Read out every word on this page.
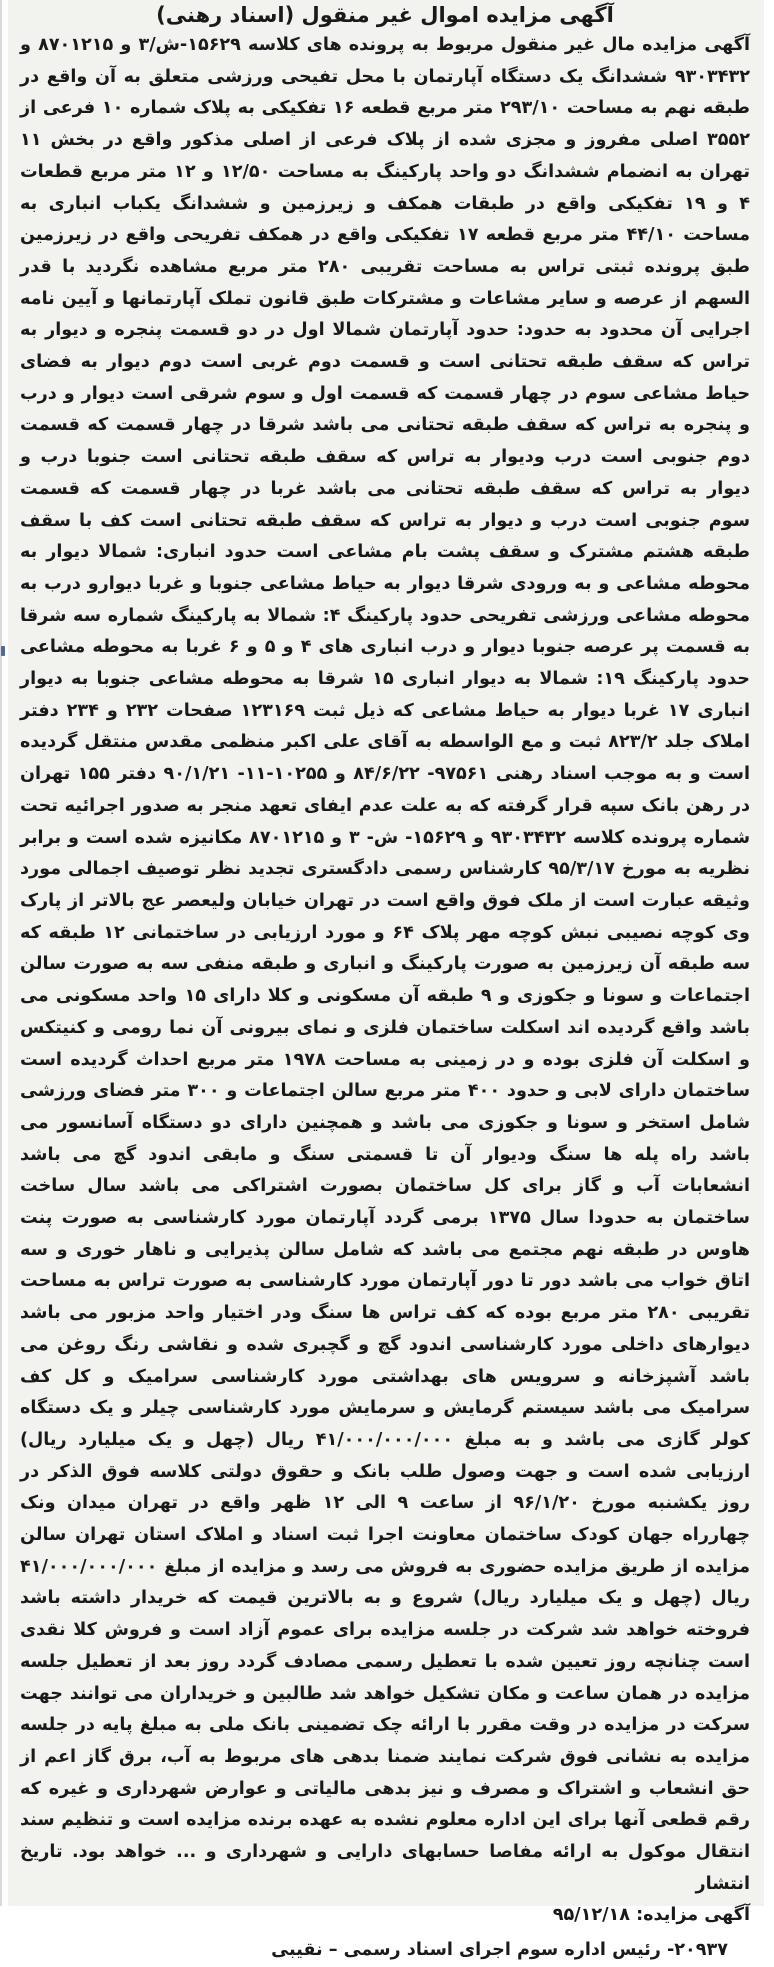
آگهی مزایده اموال غیر منقول (اسناد رهنی)

آگهی مزایده مال غیر منقول مربوط به پرونده های کلاسه ۱۵۶۲۹-ش/۳ و ۸۷۰۱۲۱۵ و ۹۳۰۳۴۳۲ ششدانگ یک دستگاه آپارتمان با محل تفیحی ورزشی متعلق به آن واقع در طبقه نهم به مساحت ۲۹۳/۱۰ متر مربع قطعه ۱۶ تفکیکی به پلاک شماره ۱۰ فرعی از ۳۵۵۲ اصلی مفروز و مجزی شده از پلاک فرعی از اصلی مذکور واقع در بخش ۱۱ تهران به انضمام ششدانگ دو واحد پارکینگ به مساحت ۱۲/۵۰ و ۱۲ متر مربع قطعات ۴ و ۱۹ تفکیکی واقع در طبقات همکف و زیرزمین و ششدانگ یکباب انباری به مساحت ۴۴/۱۰ متر مربع قطعه ۱۷ تفکیکی واقع در همکف تفریحی واقع در زیرزمین طبق پرونده ثبتی تراس به مساحت تقریبی ۲۸۰ متر مربع مشاهده نگردید با قدر السهم از عرصه و سایر مشاعات و مشترکات طبق قانون تملک آپارتمانها و آیین نامه اجرایی آن محدود به حدود: حدود آپارتمان شمالا اول در دو قسمت پنجره و دیوار به تراس که سقف طبقه تحتانی است و قسمت دوم غربی است دوم دیوار به فضای حیاط مشاعی سوم در چهار قسمت که قسمت اول و سوم شرقی است دیوار و درب و پنجره به تراس که سقف طبقه تحتانی می باشد شرقا در چهار قسمت که قسمت دوم جنوبی است درب ودیوار به تراس که سقف طبقه تحتانی است جنوبا درب و دیوار به تراس که سقف طبقه تحتانی می باشد غربا در چهار قسمت که قسمت سوم جنوبی است درب و دیوار به تراس که سقف طبقه تحتانی است کف با سقف طبقه هشتم مشترک و سقف پشت بام مشاعی است حدود انباری: شمالا دیوار به محوطه مشاعی و به ورودی شرقا دیوار به حیاط مشاعی جنوبا و غربا دیوارو درب به محوطه مشاعی ورزشی تفریحی حدود پارکینگ ۴: شمالا به پارکینگ شماره سه شرقا به قسمت پر عرصه جنوبا دیوار و درب انباری های ۴ و ۵ و ۶ غربا به محوطه مشاعی حدود پارکینگ ۱۹: شمالا به دیوار انباری ۱۵ شرقا به محوطه مشاعی جنوبا به دیوار انباری ۱۷ غربا دیوار به حیاط مشاعی که ذیل ثبت ۱۲۳۱۶۹ صفحات ۲۳۲ و ۲۳۴ دفتر املاک جلد ۸۲۳/۲ ثبت و مع الواسطه به آقای علی اکبر منظمی مقدس منتقل گردیده است و به موجب اسناد رهنی ۹۷۵۶۱- ۸۴/۶/۲۲ و ۱۰۲۵۵-۱۱- ۹۰/۱/۲۱ دفتر ۱۵۵ تهران در رهن بانک سپه قرار گرفته که به علت عدم ایفای تعهد منجر به صدور اجرائیه تحت شماره پرونده کلاسه ۹۳۰۳۴۳۲ و ۱۵۶۲۹- ش- ۳ و ۸۷۰۱۲۱۵ مکانیزه شده است و برابر نظریه به مورخ ۹۵/۳/۱۷ کارشناس رسمی دادگستری تجدید نظر توصیف اجمالی مورد وثیقه عبارت است از ملک فوق واقع است در تهران خیابان ولیعصر عج بالاتر از پارک وی کوچه نصیبی نبش کوچه مهر پلاک ۶۴ و مورد ارزیابی در ساختمانی ۱۲ طبقه که سه طبقه آن زیرزمین به صورت پارکینگ و انباری و طبقه منفی سه به صورت سالن اجتماعات و سونا و جکوزی و ۹ طبقه آن مسکونی و کلا دارای ۱۵ واحد مسکونی می باشد واقع گردیده اند اسکلت ساختمان فلزی و نمای بیرونی آن نما رومی و کنیتکس و اسکلت آن فلزی بوده و در زمینی به مساحت ۱۹۷۸ متر مربع احداث گردیده است ساختمان دارای لابی و حدود ۴۰۰ متر مربع سالن اجتماعات و ۳۰۰ متر فضای ورزشی شامل استخر و سونا و جکوزی می باشد و همچنین دارای دو دستگاه آسانسور می باشد راه پله ها سنگ ودیوار آن تا قسمتی سنگ و مابقی اندود گچ می باشد انشعابات آب و گاز برای کل ساختمان بصورت اشتراکی می باشد سال ساخت ساختمان به حدودا سال ۱۳۷۵ برمی گردد آپارتمان مورد کارشناسی به صورت پنت هاوس در طبقه نهم مجتمع می باشد که شامل سالن پذیرایی و ناهار خوری و سه اتاق خواب می باشد دور تا دور آپارتمان مورد کارشناسی به صورت تراس به مساحت تقریبی ۲۸۰ متر مربع بوده که کف تراس ها سنگ ودر اختیار واحد مزبور می باشد دیوارهای داخلی مورد کارشناسی اندود گچ و گچبری شده و نقاشی رنگ روغن می باشد آشپزخانه و سرویس های بهداشتی مورد کارشناسی سرامیک و کل کف سرامیک می باشد سیستم گرمایش و سرمایش مورد کارشناسی چیلر و یک دستگاه کولر گازی می باشد و به مبلغ ۴۱/۰۰۰/۰۰۰/۰۰۰ ریال (چهل و یک میلیارد ریال) ارزیابی شده است و جهت وصول طلب بانک و حقوق دولتی کلاسه فوق الذکر در روز یکشنبه مورخ ۹۶/۱/۲۰ از ساعت ۹ الی ۱۲ ظهر واقع در تهران میدان ونک چهارراه جهان کودک ساختمان معاونت اجرا ثبت اسناد و املاک استان تهران سالن مزایده از طریق مزایده حضوری به فروش می رسد و مزایده از مبلغ ۴۱/۰۰۰/۰۰۰/۰۰۰ ریال (چهل و یک میلیارد ریال) شروع و به بالاترین قیمت که خریدار داشته باشد فروخته خواهد شد شرکت در جلسه مزایده برای عموم آزاد است و فروش کلا نقدی است چنانچه روز تعیین شده با تعطیل رسمی مصادف گردد روز بعد از تعطیل جلسه مزایده در همان ساعت و مکان تشکیل خواهد شد طالبین و خریداران می توانند جهت سرکت در مزایده در وقت مقرر با ارائه چک تضمینی بانک ملی به مبلغ پایه در جلسه مزایده به نشانی فوق شرکت نمایند ضمنا بدهی های مربوط به آب، برق گاز اعم از حق انشعاب و اشتراک و مصرف و نیز بدهی مالیاتی و عوارض شهرداری و غیره که رقم قطعی آنها برای این اداره معلوم نشده به عهده برنده مزایده است و تنظیم سند انتقال موکول به ارائه مفاصا حسابهای دارایی و شهرداری و ... خواهد بود. تاریخ انتشار

آگهی مزایده: ۹۵/۱۲/۱۸

۲۰۹۳۷- رئیس اداره سوم اجرای اسناد رسمی – نقیبی
